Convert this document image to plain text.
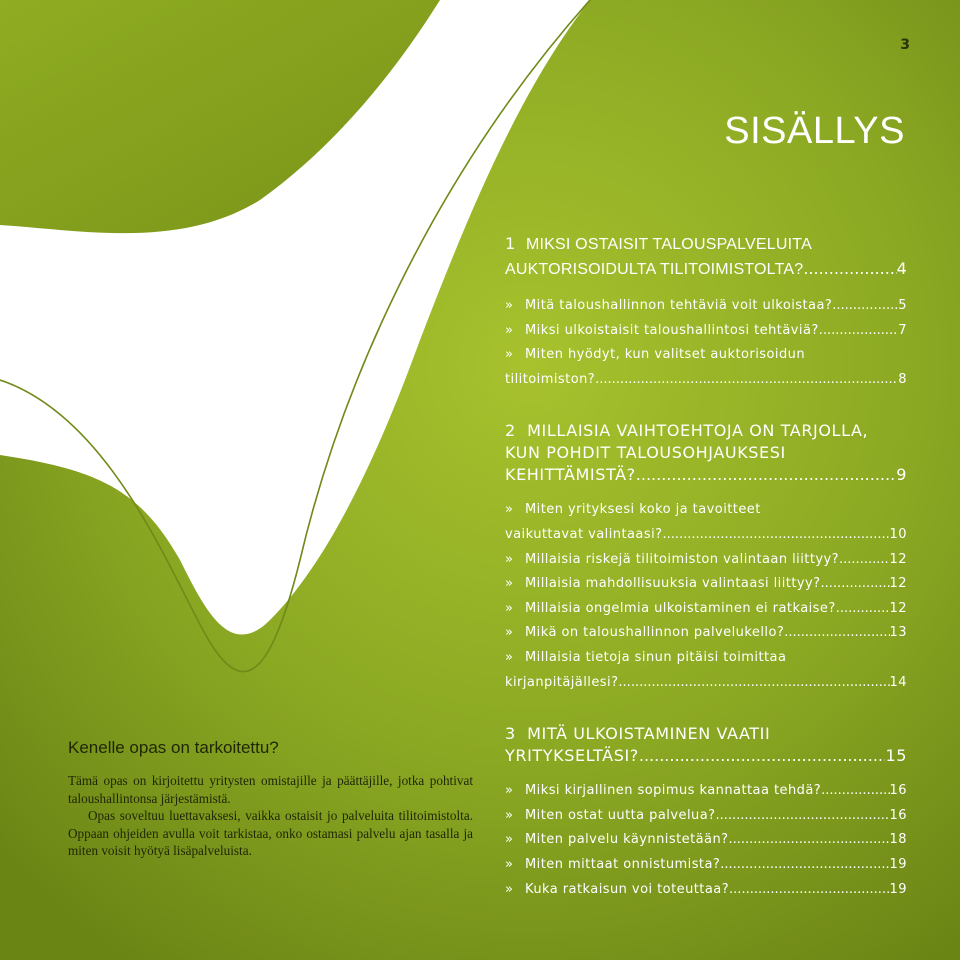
3
SISÄLLYS
1
MIKSI OSTAISIT TALOUSPALVELUITA
AUKTORISOIDULTA TILITOIMISTOLTA? .....	4
» Mitä taloushallinnon tehtäviä voit ulkoistaa? .....	5
» Miksi ulkoistaisit taloushallintosi tehtäviä? .....	7
» Miten hyödyt, kun valitset auktorisoidun
tilitoimiston? .....	8
2
MILLAISIA VAIHTOEHTOJA ON TARJOLLA,
KUN POHDIT TALOUSOHJAUKSESI
KEHITTÄMISTÄ? .....	9
» Miten yrityksesi koko ja tavoitteet
vaikuttavat valintaasi? .....	10
» Millaisia riskejä tilitoimiston valintaan liittyy? .....	12
» Millaisia mahdollisuuksia valintaasi liittyy? .....	12
» Millaisia ongelmia ulkoistaminen ei ratkaise? .....	12
» Mikä on taloushallinnon palvelukello? .....	13
» Millaisia tietoja sinun pitäisi toimittaa
kirjanpitäjällesi? .....	14
3
MITÄ ULKOISTAMINEN VAATII
YRITYKSELTÄSI? .....	15
» Miksi kirjallinen sopimus kannattaa tehdä? .....	16
» Miten ostat uutta palvelua? .....	16
» Miten palvelu käynnistetään? .....	18
» Miten mittaat onnistumista? .....	19
» Kuka ratkaisun voi toteuttaa? .....	19
Kenelle opas on tarkoitettu?

Tämä opas on kirjoitettu yritysten omistajille ja päättäjille, jotka pohtivat taloushallintonsa järjestämistä.

Opas soveltuu luettavaksesi, vaikka ostaisit jo palveluita tilitoimistolta. Oppaan ohjeiden avulla voit tarkistaa, onko ostamasi palvelu ajan tasalla ja miten voisit hyötyä lisäpalveluista.
